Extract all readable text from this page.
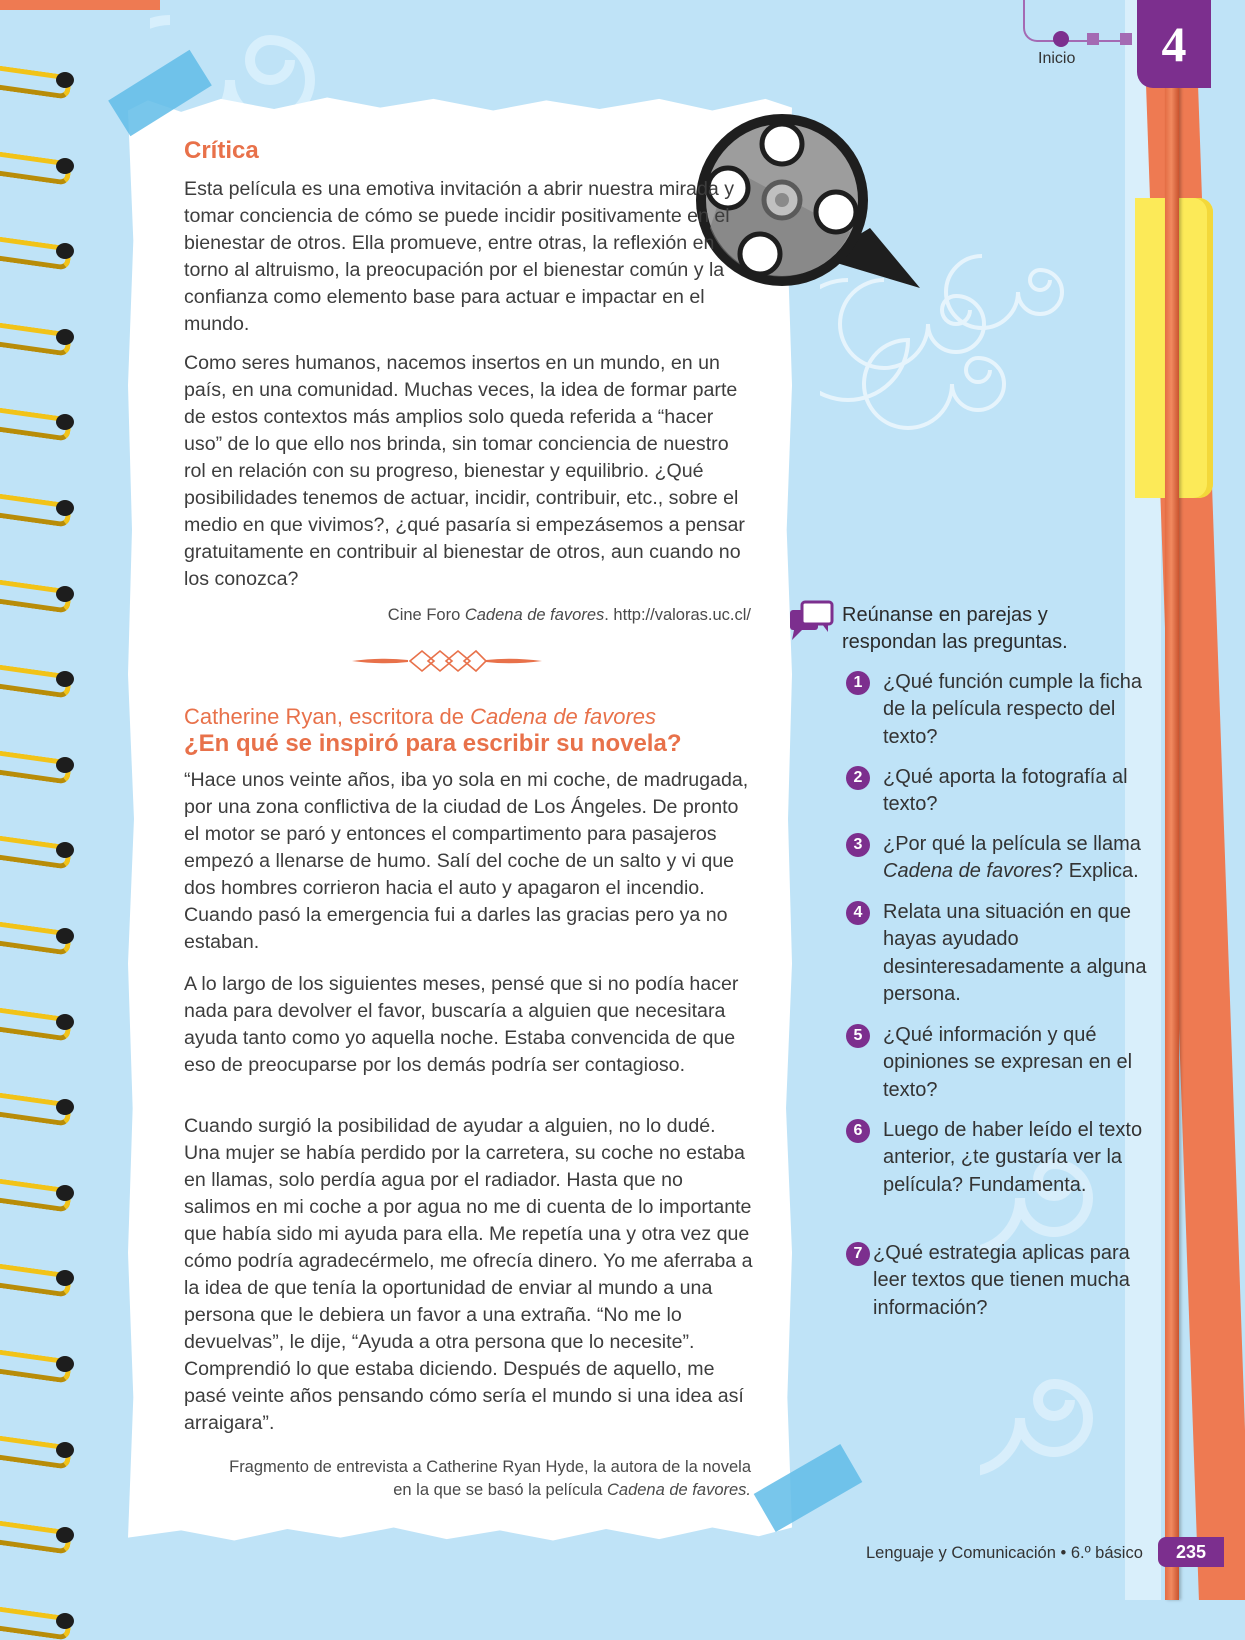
Inicio	4
Crítica

Esta película es una emotiva invitación a abrir nuestra mirada y tomar conciencia de cómo se puede incidir positivamente en el bienestar de otros. Ella promueve, entre otras, la reflexión en torno al altruismo, la preocupación por el bienestar común y la confianza como elemento base para actuar e impactar en el mundo.

Como seres humanos, nacemos insertos en un mundo, en un país, en una comunidad. Muchas veces, la idea de formar parte de estos contextos más amplios solo queda referida a “hacer uso” de lo que ello nos brinda, sin tomar conciencia de nuestro rol en relación con su progreso, bienestar y equilibrio. ¿Qué posibilidades tenemos de actuar, incidir, contribuir, etc., sobre el medio en que vivimos?, ¿qué pasaría si empezásemos a pensar gratuitamente en contribuir al bienestar de otros, aun cuando no los conozca?

Cine Foro Cadena de favores. http://valoras.uc.cl/
Catherine Ryan, escritora de Cadena de favores
¿En qué se inspiró para escribir su novela?

“Hace unos veinte años, iba yo sola en mi coche, de madrugada, por una zona conflictiva de la ciudad de Los Ángeles. De pronto el motor se paró y entonces el compartimento para pasajeros empezó a llenarse de humo. Salí del coche de un salto y vi que dos hombres corrieron hacia el auto y apagaron el incendio. Cuando pasó la emergencia fui a darles las gracias pero ya no estaban.

A lo largo de los siguientes meses, pensé que si no podía hacer nada para devolver el favor, buscaría a alguien que necesitara ayuda tanto como yo aquella noche. Estaba convencida de que eso de preocuparse por los demás podría ser contagioso.

Cuando surgió la posibilidad de ayudar a alguien, no lo dudé. Una mujer se había perdido por la carretera, su coche no estaba en llamas, solo perdía agua por el radiador. Hasta que no salimos en mi coche a por agua no me di cuenta de lo importante que había sido mi ayuda para ella. Me repetía una y otra vez que cómo podría agradecérmelo, me ofrecía dinero. Yo me aferraba a la idea de que tenía la oportunidad de enviar al mundo a una persona que le debiera un favor a una extraña. “No me lo devuelvas”, le dije, “Ayuda a otra persona que lo necesite”. Comprendió lo que estaba diciendo. Después de aquello, me pasé veinte años pensando cómo sería el mundo si una idea así arraigara”.

Fragmento de entrevista a Catherine Ryan Hyde, la autora de la novela
en la que se basó la película Cadena de favores.
Reúnanse en parejas y respondan las preguntas.
1	¿Qué función cumple la ficha de la película respecto del texto?
2	¿Qué aporta la fotografía al texto?
3	¿Por qué la película se llama Cadena de favores? Explica.
4	Relata una situación en que hayas ayudado desinteresadamente a alguna persona.
5	¿Qué información y qué opiniones se expresan en el texto?
6	Luego de haber leído el texto anterior, ¿te gustaría ver la película? Fundamenta.
7 ¿Qué estrategia aplicas para leer textos que tienen mucha información?
Lenguaje y Comunicación • 6.º básico	235
